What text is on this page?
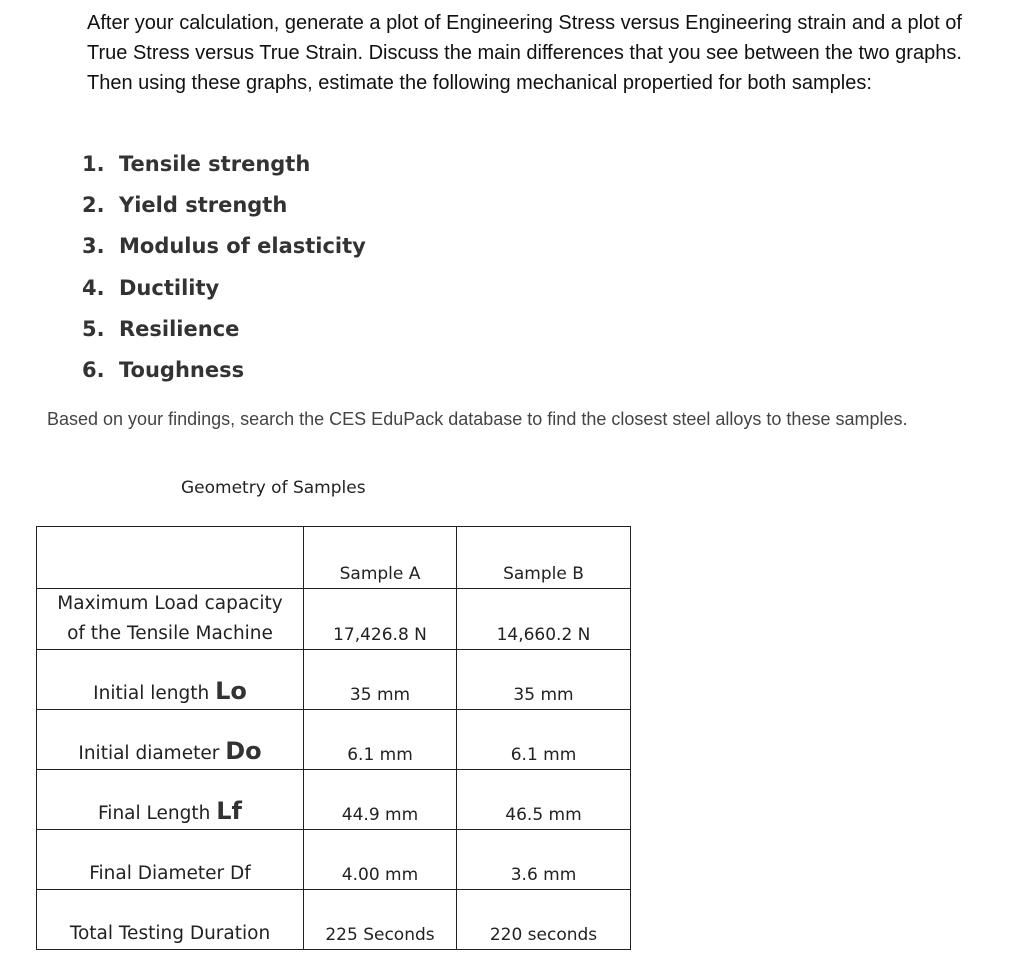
After your calculation, generate a plot of Engineering Stress versus Engineering strain and a plot of True Stress versus True Strain. Discuss the main differences that you see between the two graphs. Then using these graphs, estimate the following mechanical propertied for both samples:

1. Tensile strength
2. Yield strength
3. Modulus of elasticity
4. Ductility
5. Resilience
6. Toughness

Based on your findings, search the CES EduPack database to find the closest steel alloys to these samples.

Geometry of Samples

	Sample A	Sample B

Maximum Load capacity
of the Tensile Machine	17,426.8 N	14,660.2 N

Initial length Lo	35 mm	35 mm

Initial diameter Do	6.1 mm	6.1 mm

Final Length Lf	44.9 mm	46.5 mm

Final Diameter Df	4.00 mm	3.6 mm

Total Testing Duration	225 Seconds	220 seconds
